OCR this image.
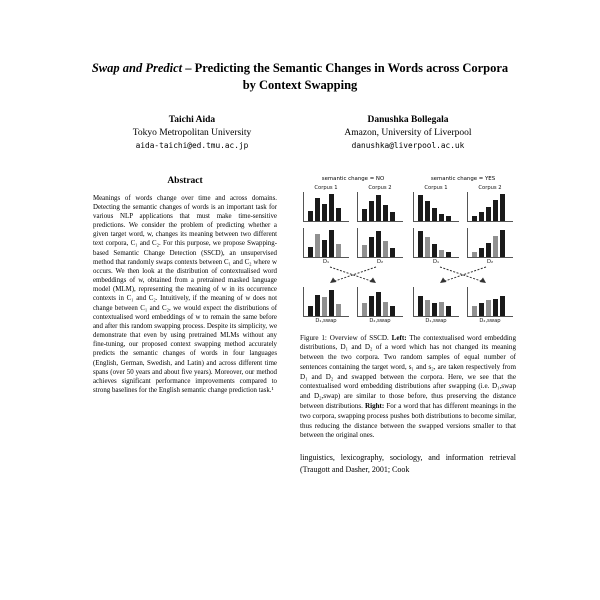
Swap and Predict – Predicting the Semantic Changes in Words across Corpora by Context Swapping
Taichi Aida
Tokyo Metropolitan University
aida-taichi@ed.tmu.ac.jp
Danushka Bollegala
Amazon, University of Liverpool
danushka@liverpool.ac.uk
Abstract
Meanings of words change over time and across domains. Detecting the semantic changes of words is an important task for various NLP applications that must make time-sensitive predictions. We consider the problem of predicting whether a given target word, w, changes its meaning between two different text corpora, C₁ and C₂. For this purpose, we propose Swapping-based Semantic Change Detection (SSCD), an unsupervised method that randomly swaps contexts between C₁ and C₂ where w occurs. We then look at the distribution of contextualised word embeddings of w, obtained from a pretrained masked language model (MLM), representing the meaning of w in its occurrence contexts in C₁ and C₂. Intuitively, if the meaning of w does not change between C₁ and C₂, we would expect the distributions of contextualised word embeddings of w to remain the same before and after this random swapping process. Despite its simplicity, we demonstrate that even by using pretrained MLMs without any fine-tuning, our proposed context swapping method accurately predicts the semantic changes of words in four languages (English, German, Swedish, and Latin) and across different time spans (over 50 years and about five years). Moreover, our method achieves significant performance improvements compared to strong baselines for the English semantic change prediction task.¹
semantic change = NO
Corpus 1	Corpus 2
D₁	D₂
D₁,swap	D₂,swap
semantic change = YES
Corpus 1	Corpus 2
D₁	D₂
D₁,swap	D₂,swap
Figure 1: Overview of SSCD. Left: The contextualised word embedding distributions, D₁ and D₂ of a word which has not changed its meaning between the two corpora. Two random samples of equal number of sentences containing the target word, s₁ and s₂, are taken respectively from D₁ and D₂ and swapped between the corpora. Here, we see that the contextualised word embedding distributions after swapping (i.e. D₁,swap and D₂,swap) are similar to those before, thus preserving the distance between distributions. Right: For a word that has different meanings in the two corpora, swapping process pushes both distributions to become similar, thus reducing the distance between the swapped versions smaller to that between the original ones.
linguistics, lexicography, sociology, and information retrieval (Traugott and Dasher, 2001; Cook
